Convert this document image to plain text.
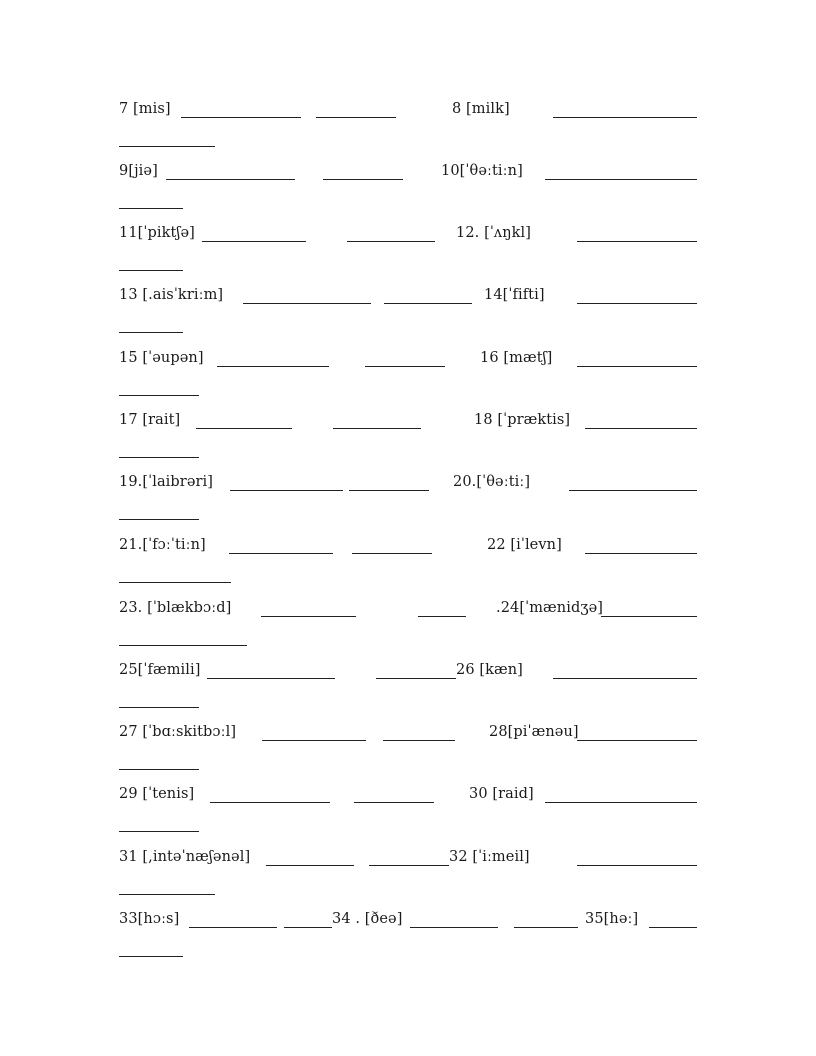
7 [mis]	8 [milk]
9[jiə]	10[ˈθəːtiːn]
11[ˈpiktʃə]	12. [ˈʌŋkl]
13 [.aisˈkriːm]	14[ˈfifti]
15 [ˈəupən]	16 [mætʃ]
17 [rait]	18 [ˈpræktis]
19.[ˈlaibrəri]	20.[ˈθəːtiː]
21.[ˈfɔːˈtiːn]	22 [iˈlevn]
23. [ˈblækbɔːd]	.24[ˈmænidʒə]
25[ˈfæmili]	26 [kæn]
27 [ˈbɑːskitbɔːl]	28[piˈænəu]
29 [ˈtenis]	30 [raid]
31 [,intəˈnæʃənəl]	32 [ˈiːmeil]
33[hɔːs]	34 . [ðeə]	35[həː]
